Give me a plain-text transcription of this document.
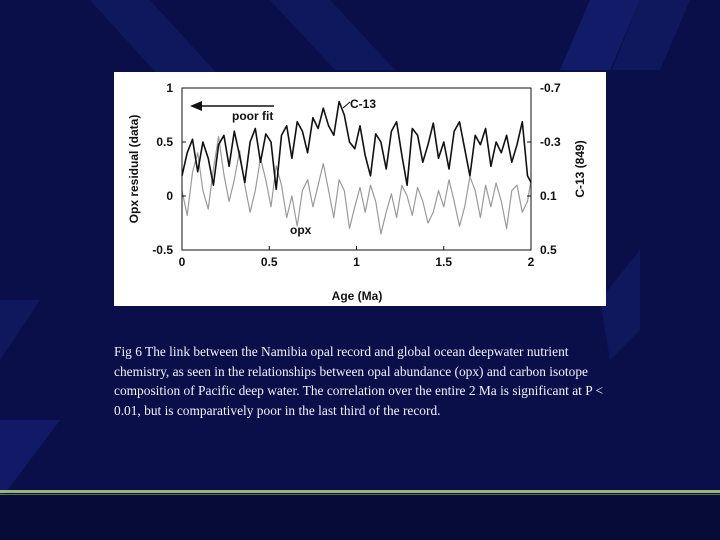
0	0.5	1	1.5	2
-0.5
0
0.5
1	-0.7
-0.3
0.1
0.5
poor fit
C-13
opx
Age (Ma)
Opx residual (data)	C-13 (849)
Fig 6 The link between the Namibia opal record and global ocean deepwater nutrient chemistry, as seen in the relationships between opal abundance (opx) and carbon isotope composition of Pacific deep water. The correlation over the entire 2 Ma is significant at P < 0.01, but is comparatively poor in the last third of the record.
